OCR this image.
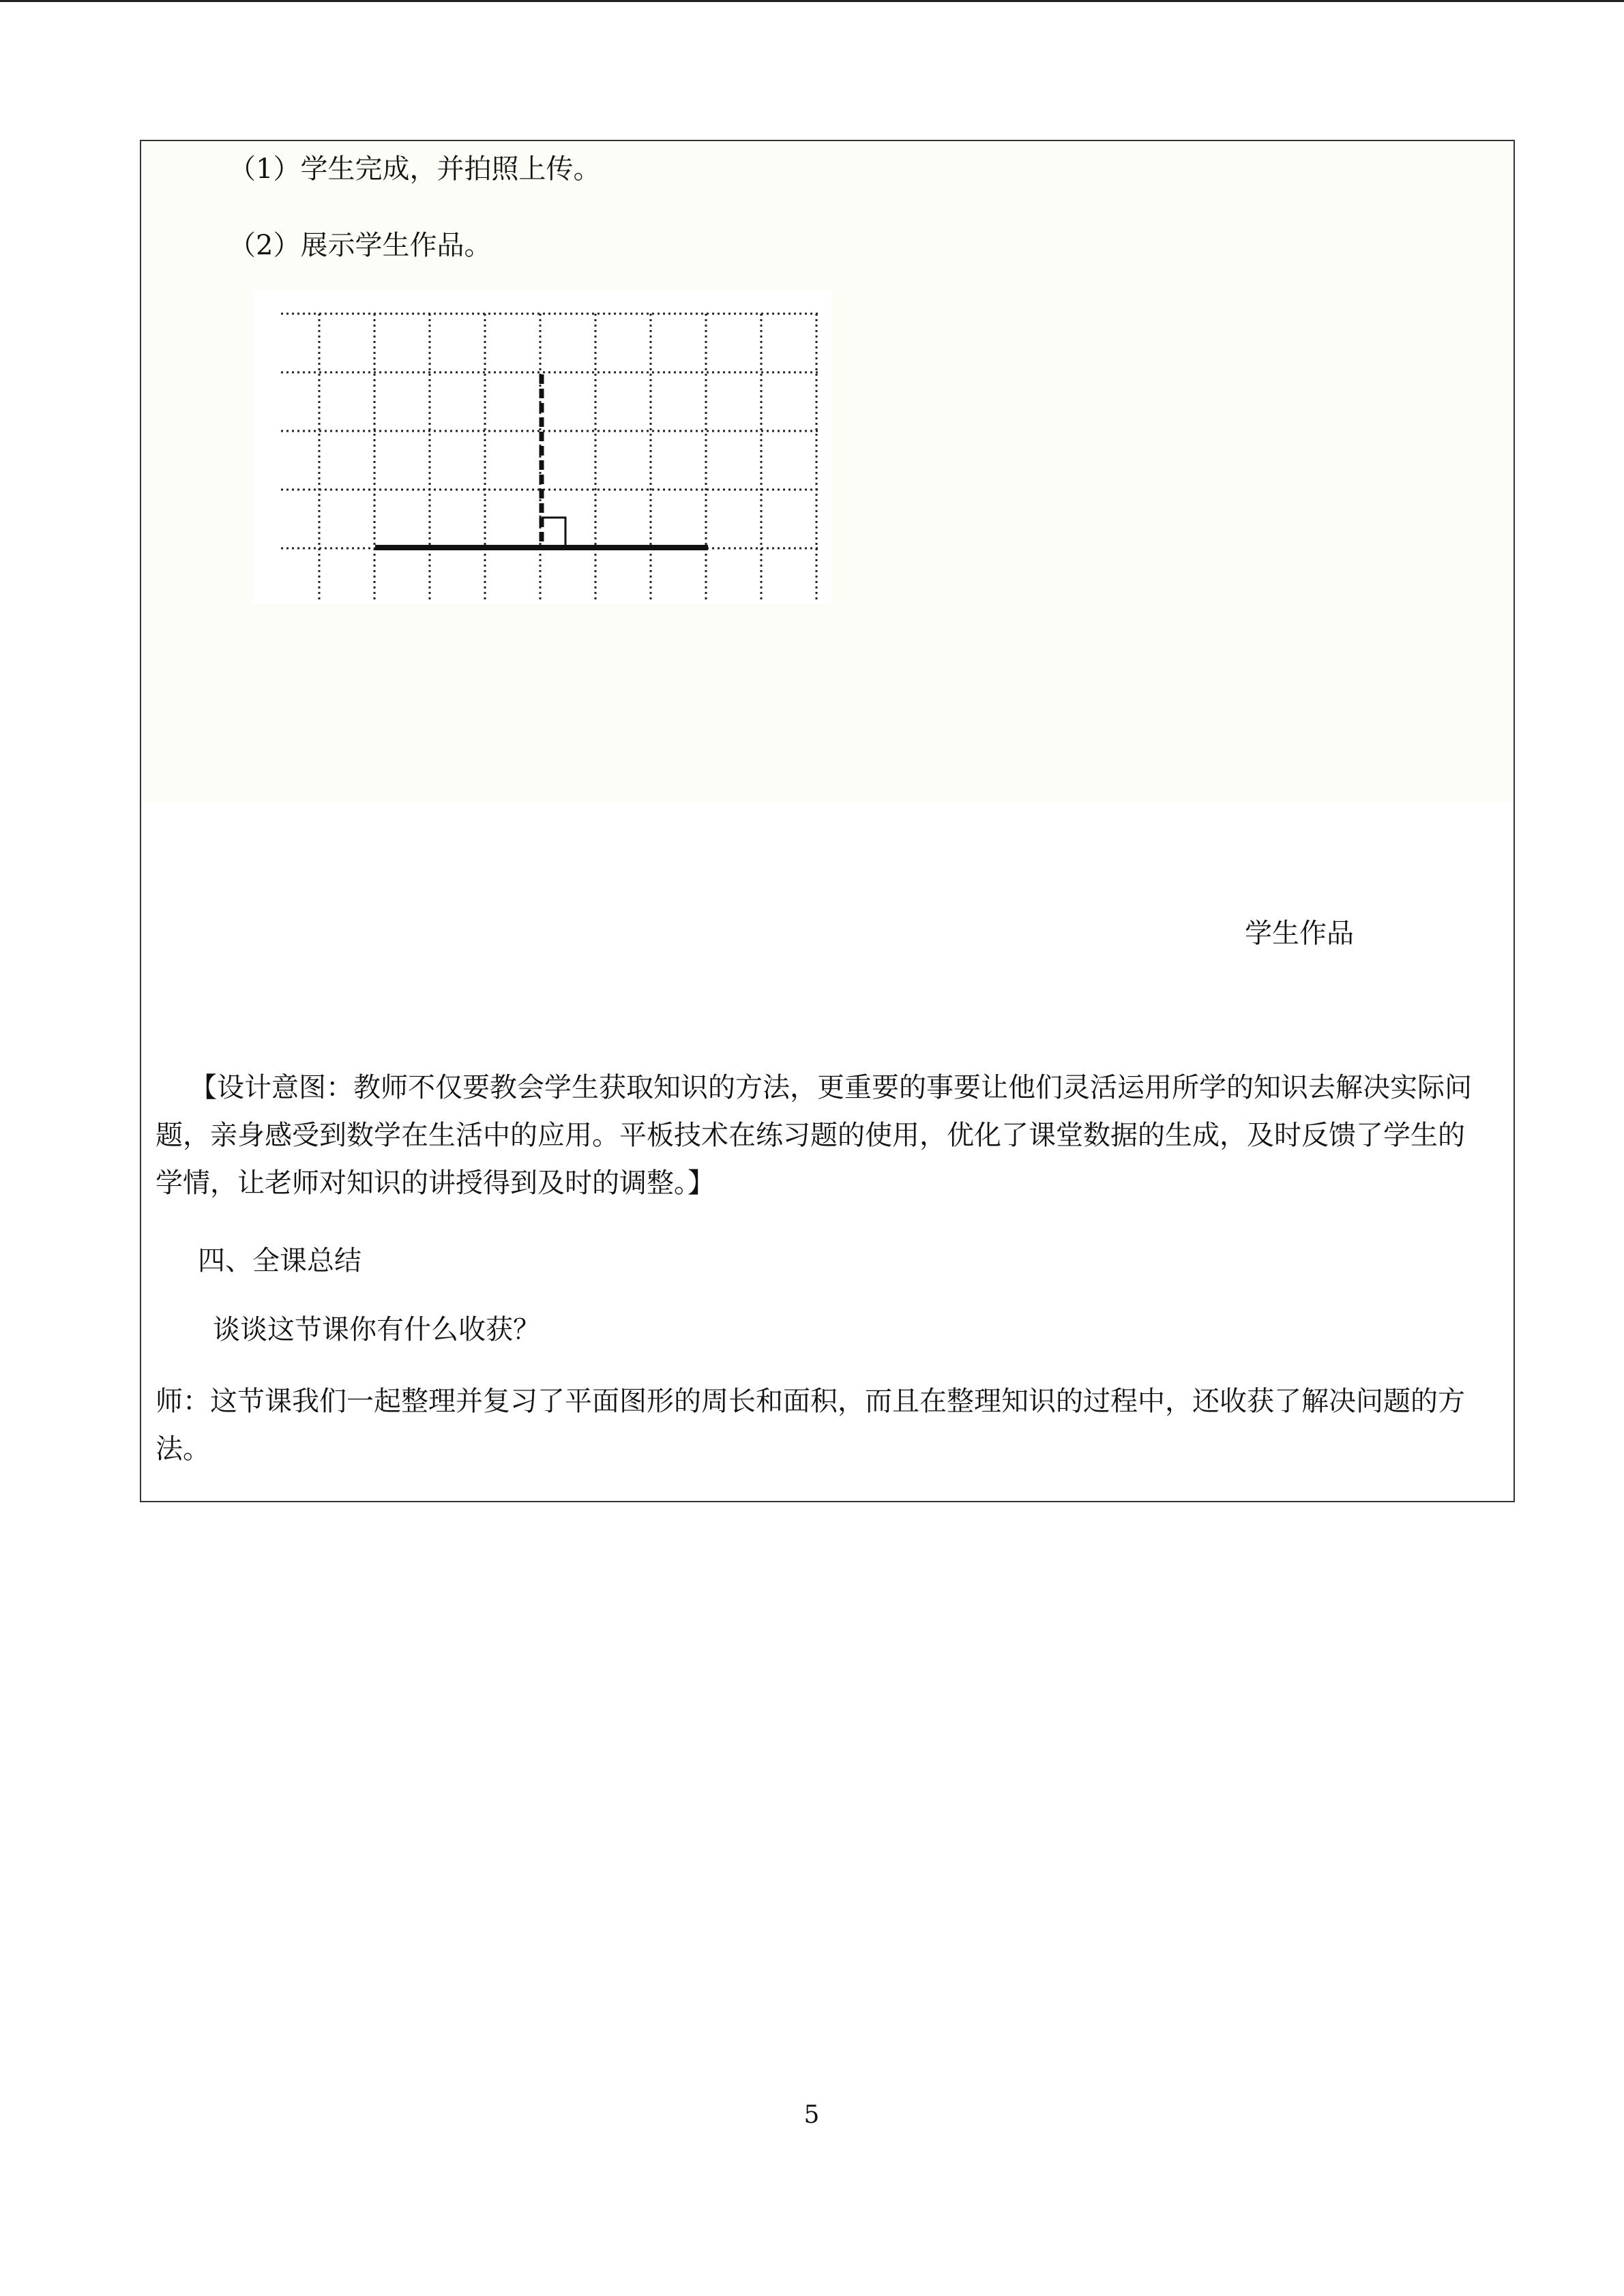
（1）学生完成，并拍照上传。
（2）展示学生作品。
学生作品
【设计意图：教师不仅要教会学生获取知识的方法，更重要的事要让他们灵活运用所学的知识去解决实际问题，亲身感受到数学在生活中的应用。平板技术在练习题的使用，优化了课堂数据的生成，及时反馈了学生的学情，让老师对知识的讲授得到及时的调整。】
四、全课总结
谈谈这节课你有什么收获？
师：这节课我们一起整理并复习了平面图形的周长和面积，而且在整理知识的过程中，还收获了解决问题的方法。
5
